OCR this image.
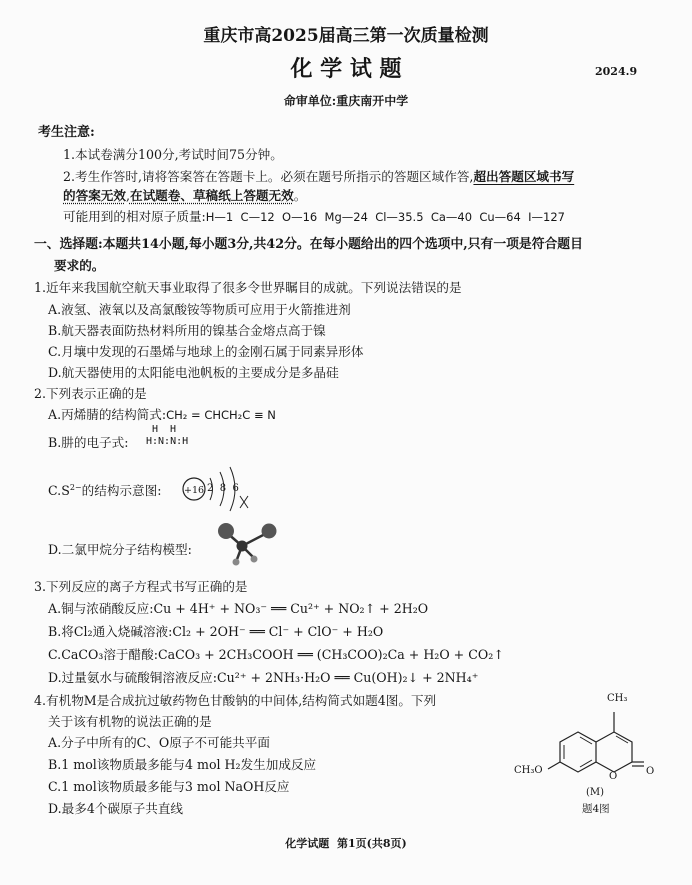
重庆市高2025届高三第一次质量检测
化 学 试 题	2024.9
命审单位:重庆南开中学
考生注意:
1.本试卷满分100分,考试时间75分钟。
2.考生作答时,请将答案答在答题卡上。必须在题号所指示的答题区域作答,超出答题区域书写
的答案无效,在试题卷、草稿纸上答题无效。
可能用到的相对原子质量:H—1  C—12  O—16  Mg—24  Cl—35.5  Ca—40  Cu—64  I—127
一、选择题:本题共14小题,每小题3分,共42分。在每小题给出的四个选项中,只有一项是符合题目
要求的。
1.近年来我国航空航天事业取得了很多令世界瞩目的成就。下列说法错误的是
A.液氢、液氧以及高氯酸铵等物质可应用于火箭推进剂
B.航天器表面防热材料所用的镍基合金熔点高于镍
C.月壤中发现的石墨烯与地球上的金刚石属于同素异形体
D.航天器使用的太阳能电池帆板的主要成分是多晶硅
2.下列表示正确的是
A.丙烯腈的结构简式:CH₂ = CHCH₂C ≡ N
B.肼的电子式:
H  H
H:N:N:H
$C.S^{2-}$的结构示意图: +16 2  8  6
D.二氯甲烷分子结构模型:
3.下列反应的离子方程式书写正确的是
A.铜与浓硝酸反应:Cu + 4H⁺ + NO₃⁻ ══ Cu²⁺ + NO₂↑ + 2H₂O
B.将Cl₂通入烧碱溶液:Cl₂ + 2OH⁻ ══ Cl⁻ + ClO⁻ + H₂O
C.CaCO₃溶于醋酸:CaCO₃ + 2CH₃COOH ══ (CH₃COO)₂Ca + H₂O + CO₂↑
D.过量氨水与硫酸铜溶液反应:Cu²⁺ + 2NH₃·H₂O ══ Cu(OH)₂↓ + 2NH₄⁺
4.有机物M是合成抗过敏药物色甘酸钠的中间体,结构简式如题4图。下列
关于该有机物的说法正确的是
A.分子中所有的C、O原子不可能共平面
B.1 mol该物质最多能与4 mol H₂发生加成反应
C.1 mol该物质最多能与3 mol NaOH反应
D.最多4个碳原子共直线
CH₃
CH₃O
O	O
(M)
题4图
化学试题  第1页(共8页)
